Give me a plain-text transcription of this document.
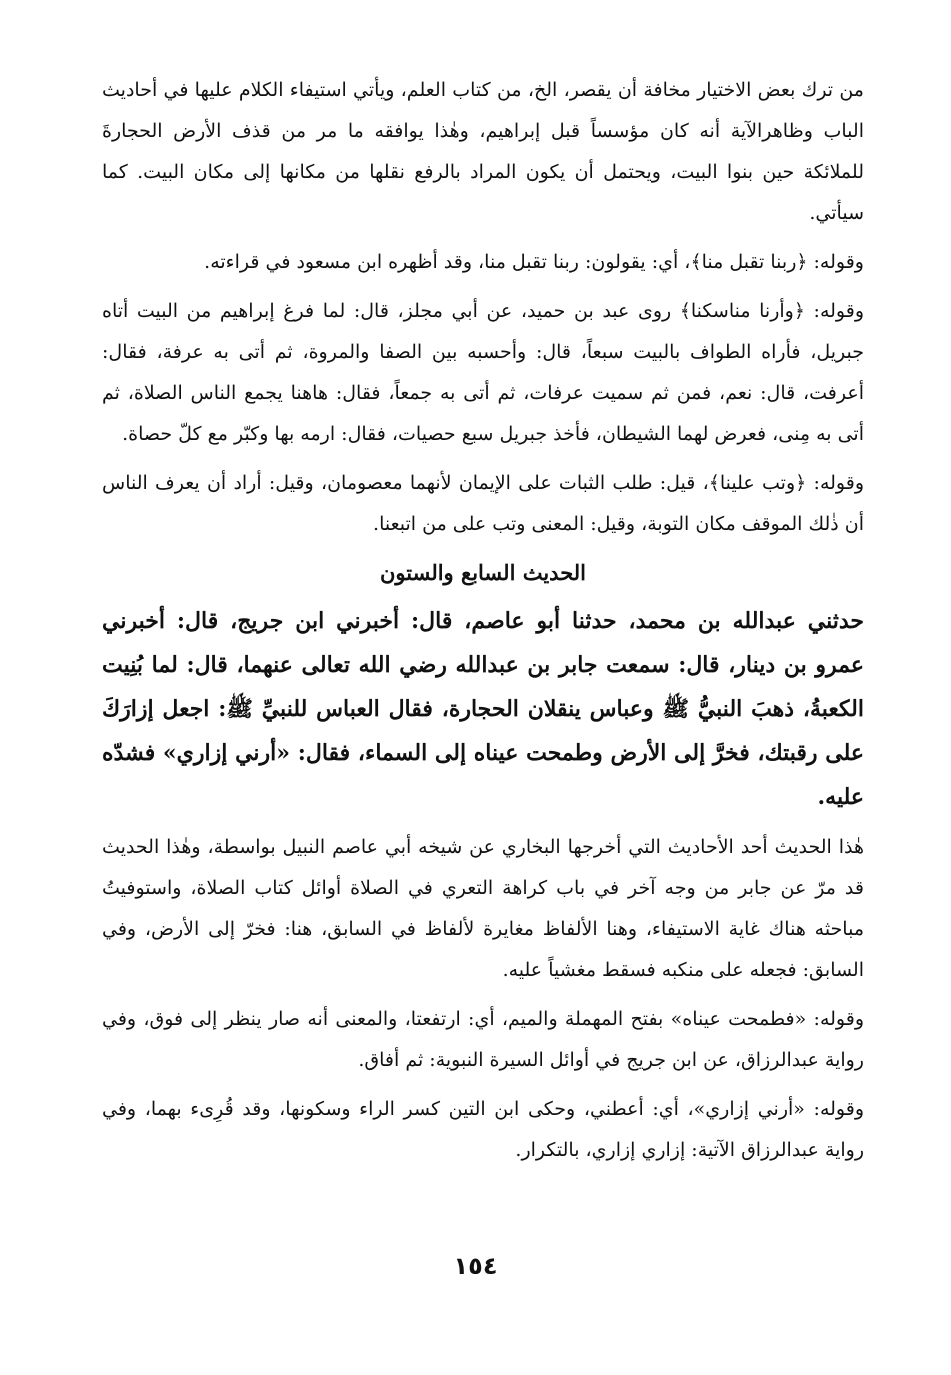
من ترك بعض الاختيار مخافة أن يقصر، الخ، من كتاب العلم، ويأتي استيفاء الكلام عليها في أحاديث الباب وظاهرالآية أنه كان مؤسساً قبل إبراهيم، وهٰذا يوافقه ما مر من قذف الأرض الحجارةَ للملائكة حين بنوا البيت، ويحتمل أن يكون المراد بالرفع نقلها من مكانها إلى مكان البيت. كما سيأتي.

وقوله: ﴿ربنا تقبل منا﴾، أي: يقولون: ربنا تقبل منا، وقد أظهره ابن مسعود في قراءته.

وقوله: ﴿وأرنا مناسكنا﴾ روى عبد بن حميد، عن أبي مجلز، قال: لما فرغ إبراهيم من البيت أتاه جبريل، فأراه الطواف بالبيت سبعاً، قال: وأحسبه بين الصفا والمروة، ثم أتى به عرفة، فقال: أعرفت، قال: نعم، فمن ثم سميت عرفات، ثم أتى به جمعاً، فقال: هاهنا يجمع الناس الصلاة، ثم أتى به مِنى، فعرض لهما الشيطان، فأخذ جبريل سبع حصيات، فقال: ارمه بها وكبّر مع كلّ حصاة.

وقوله: ﴿وتب علينا﴾، قيل: طلب الثبات على الإيمان لأنهما معصومان، وقيل: أراد أن يعرف الناس أن ذٰلك الموقف مكان التوبة، وقيل: المعنى وتب على من اتبعنا.

الحديث السابع والستون

حدثني عبدالله بن محمد، حدثنا أبو عاصم، قال: أخبرني ابن جريج، قال: أخبرني عمرو بن دينار، قال: سمعت جابر بن عبدالله رضي الله تعالى عنهما، قال: لما بُنِيت الكعبةُ، ذهبَ النبيُّ ﷺ وعباس ينقلان الحجارة، فقال العباس للنبيِّ ﷺ: اجعل إزارَكَ على رقبتك، فخرَّ إلى الأرض وطمحت عيناه إلى السماء، فقال: «أرني إزاري» فشدّه عليه.

هٰذا الحديث أحد الأحاديث التي أخرجها البخاري عن شيخه أبي عاصم النبيل بواسطة، وهٰذا الحديث قد مرّ عن جابر من وجه آخر في باب كراهة التعري في الصلاة أوائل كتاب الصلاة، واستوفيتُ مباحثه هناك غاية الاستيفاء، وهنا الألفاظ مغايرة لألفاظ في السابق، هنا: فخرّ إلى الأرض، وفي السابق: فجعله على منكبه فسقط مغشياً عليه.

وقوله: «فطمحت عيناه» بفتح المهملة والميم، أي: ارتفعتا، والمعنى أنه صار ينظر إلى فوق، وفي رواية عبدالرزاق، عن ابن جريج في أوائل السيرة النبوية: ثم أفاق.

وقوله: «أرني إزاري»، أي: أعطني، وحكى ابن التين كسر الراء وسكونها، وقد قُرِىء بهما، وفي رواية عبدالرزاق الآتية: إزاري إزاري، بالتكرار.

١٥٤
